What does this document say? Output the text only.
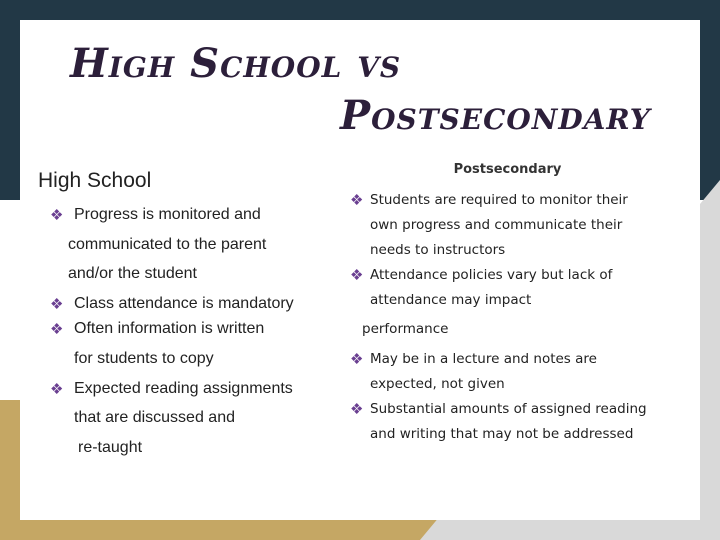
High School vs
Postsecondary
High School
❖ Progress is monitored and
communicated to the parent
and/or the student
❖ Class attendance is mandatory
❖ Often information is written
for students to copy
❖ Expected reading assignments
that are discussed and
re-taught
Postsecondary
❖ Students are required to monitor their
own progress and communicate their
needs to instructors
❖ Attendance policies vary but lack of
attendance may impact
performance
❖ May be in a lecture and notes are
expected, not given
❖ Substantial amounts of assigned reading
and writing that may not be addressed
